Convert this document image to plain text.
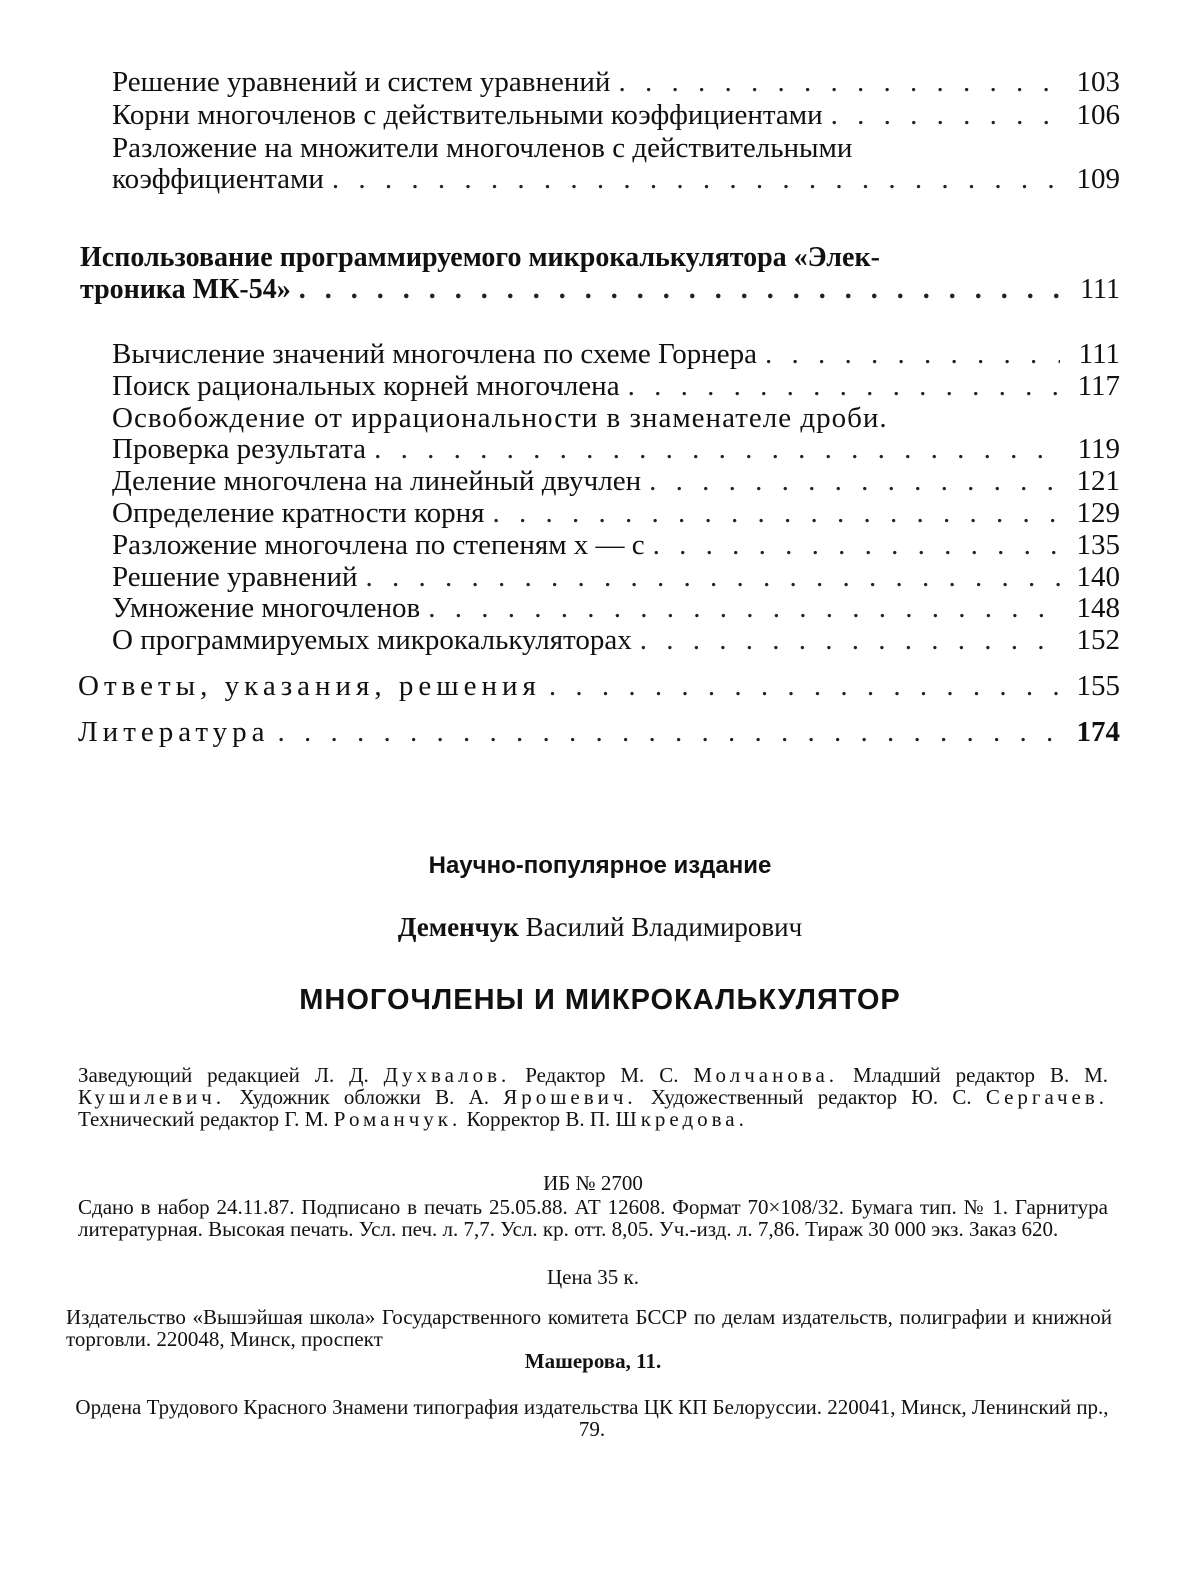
Решение уравнений и систем уравнений . . .	103
Корни многочленов с действительными коэффициентами . . .	106
Разложение на множители многочленов с действительными
коэффициентами . . .	109
Использование программируемого микрокалькулятора «Элек-
троника МК-54» . . .	111
Вычисление значений многочлена по схеме Горнера . . .	111
Поиск рациональных корней многочлена . . .	117
Освобождение от иррациональности в знаменателе дроби.
Проверка результата . . .	119
Деление многочлена на линейный двучлен . . .	121
Определение кратности корня . . .	129
Разложение многочлена по степеням x — c . . .	135
Решение уравнений . . .	140
Умножение многочленов . . .	148
О программируемых микрокалькуляторах . . .	152
Ответы, указания, решения . . .	155
Литература . . .	174
Научно-популярное издание
Деменчук Василий Владимирович
МНОГОЧЛЕНЫ И МИКРОКАЛЬКУЛЯТОР
Заведующий редакцией Л. Д. Духвалов. Редактор М. С. Молчанова. Младший редактор В. М. Кушилевич. Художник обложки В. А. Ярошевич. Художественный редактор Ю. С. Сергачев. Технический редактор Г. М. Романчук. Корректор В. П. Шкредова.
ИБ № 2700
Сдано в набор 24.11.87. Подписано в печать 25.05.88. АТ 12608. Формат 70×108/32. Бумага тип. № 1. Гарнитура литературная. Высокая печать. Усл. печ. л. 7,7. Усл. кр. отт. 8,05. Уч.-изд. л. 7,86. Тираж 30 000 экз. Заказ 620.
Цена 35 к.
Издательство «Вышэйшая школа» Государственного комитета БССР по делам издательств, полиграфии и книжной торговли. 220048, Минск, проспект
Машерова, 11.
Ордена Трудового Красного Знамени типография издательства ЦК КП Белоруссии. 220041, Минск, Ленинский пр., 79.
